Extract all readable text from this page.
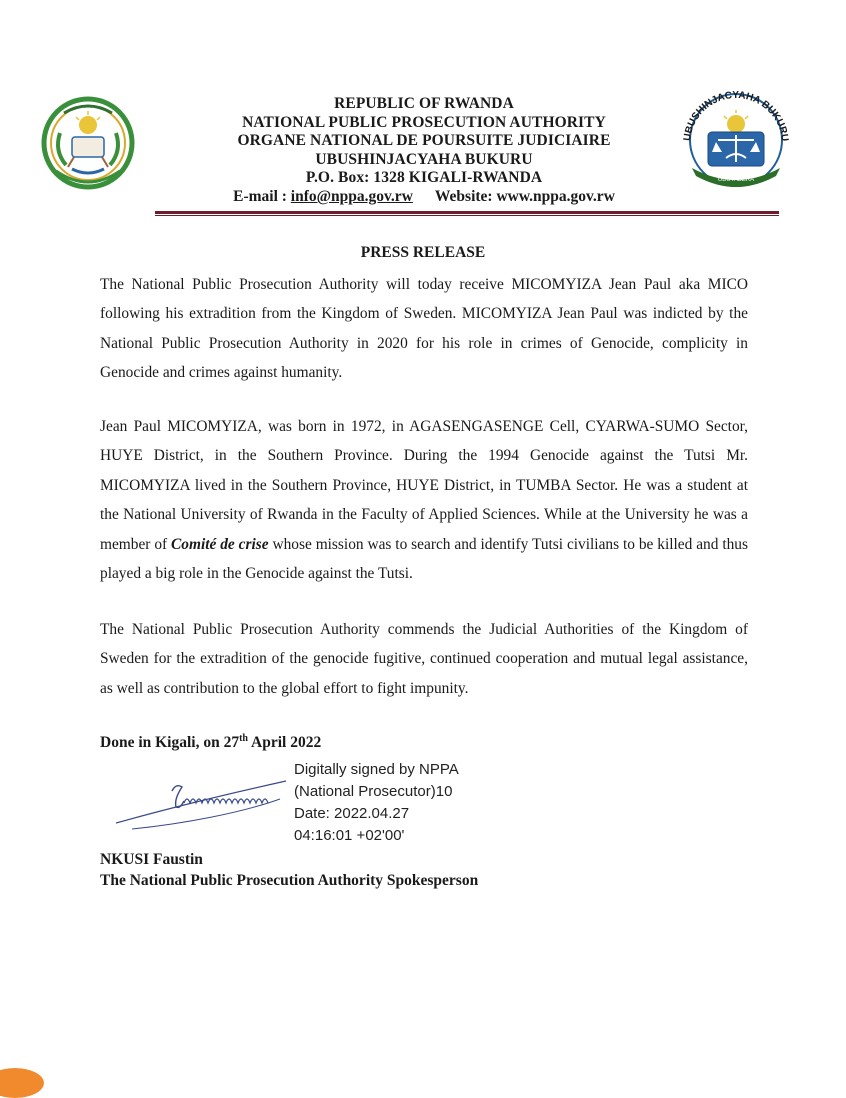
REPUBLIC OF RWANDA
NATIONAL PUBLIC PROSECUTION AUTHORITY
ORGANE NATIONAL DE POURSUITE JUDICIAIRE
UBUSHINJACYAHA BUKURU
P.O. Box: 1328 KIGALI-RWANDA
E-mail : info@nppa.gov.rw Website: www.nppa.gov.rw
UBUSHINJACYAHA BUKURU
UBUTABERA
PRESS RELEASE
The National Public Prosecution Authority will today receive MICOMYIZA Jean Paul aka MICO following his extradition from the Kingdom of Sweden. MICOMYIZA Jean Paul was indicted by the National Public Prosecution Authority in 2020 for his role in crimes of Genocide, complicity in Genocide and crimes against humanity.
Jean Paul MICOMYIZA, was born in 1972, in AGASENGASENGE Cell, CYARWA-SUMO Sector, HUYE District, in the Southern Province. During the 1994 Genocide against the Tutsi Mr. MICOMYIZA lived in the Southern Province, HUYE District, in TUMBA Sector. He was a student at the National University of Rwanda in the Faculty of Applied Sciences. While at the University he was a member of Comité de crise whose mission was to search and identify Tutsi civilians to be killed and thus played a big role in the Genocide against the Tutsi.
The National Public Prosecution Authority commends the Judicial Authorities of the Kingdom of Sweden for the extradition of the genocide fugitive, continued cooperation and mutual legal assistance, as well as contribution to the global effort to fight impunity.
Done in Kigali, on 27th April 2022
Digitally signed by NPPA
(National Prosecutor)10
Date: 2022.04.27
04:16:01 +02'00'
NKUSI Faustin
The National Public Prosecution Authority Spokesperson
